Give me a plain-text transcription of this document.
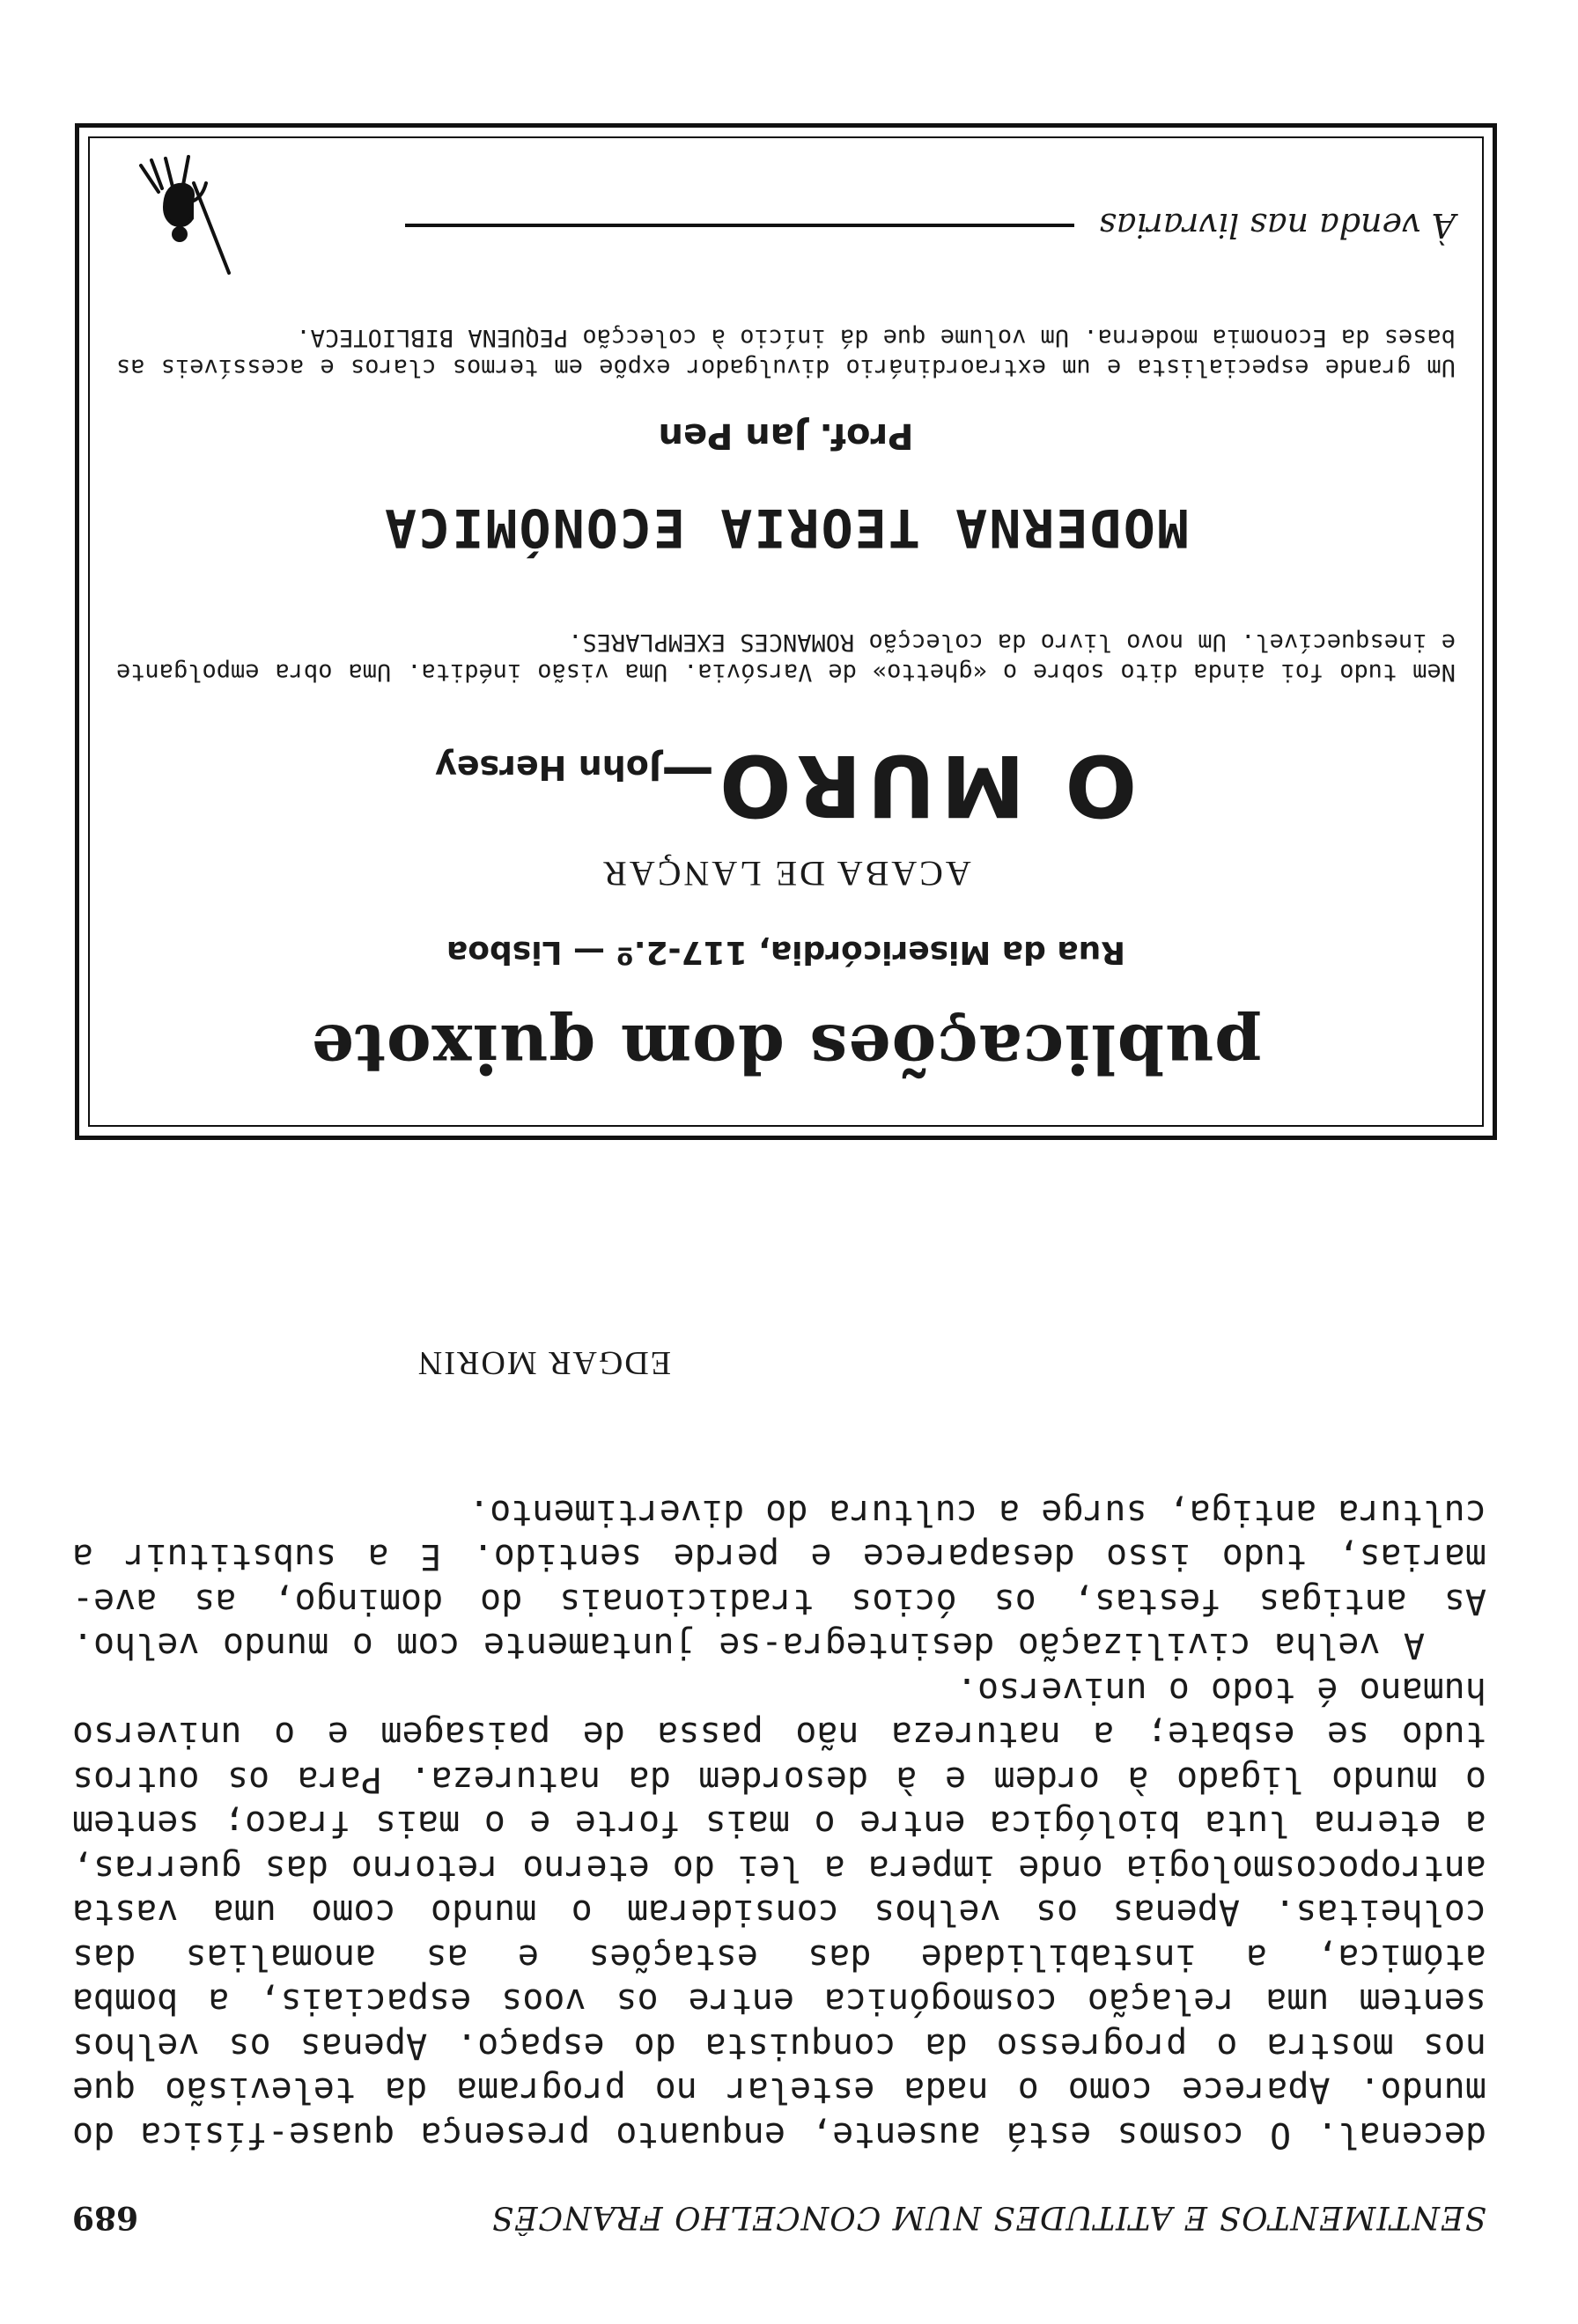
SENTIMENTOS E ATITUDES NUM CONCELHO FRANCÊS
689

decenal. O cosmos está ausente, enquanto presença quase-física do mundo. Aparece como o nada estelar no programa da televisão que nos mostra o progresso da conquista do espaço. Apenas os velhos sentem uma relação cosmogónica entre os voos espaciais, a bomba atómica, a instabilidade das estações e as anomalias das colheitas. Apenas os velhos consideram o mundo como uma vasta antropocosmologia onde impera a lei do eterno retorno das guerras, a eterna luta biológica entre o mais forte e o mais fraco; sentem o mundo ligado à ordem e à desordem da natureza. Para os outros tudo se esbate; a natureza não passa de paisagem e o universo humano é todo o universo.

A velha civilização desintegra-se juntamente com o mundo velho. As antigas festas, os ócios tradicionais do domingo, as ave-marias, tudo isso desaparece e perde sentido. E a substituir a cultura antiga, surge a cultura do divertimento.

EDGAR MORIN
publicações dom quixote
Rua da Misericórdia, 117-2.º — Lisboa
ACABA DE LANÇAR
O MURO—John Hersey

Nem tudo foi ainda dito sobre o «ghetto» de Varsóvia. Uma visão inédita. Uma obra empolgante e inesquecível. Um novo livro da colecção ROMANCES EXEMPLARES.

MODERNA TEORIA ECONÓMICA
Prof. Jan Pen

Um grande especialista e um extraordinário divulgador expõe em termos claros e acessíveis as bases da Economia moderna. Um volume que dá início à colecção PEQUENA BIBLIOTECA.

À venda nas livrarias
